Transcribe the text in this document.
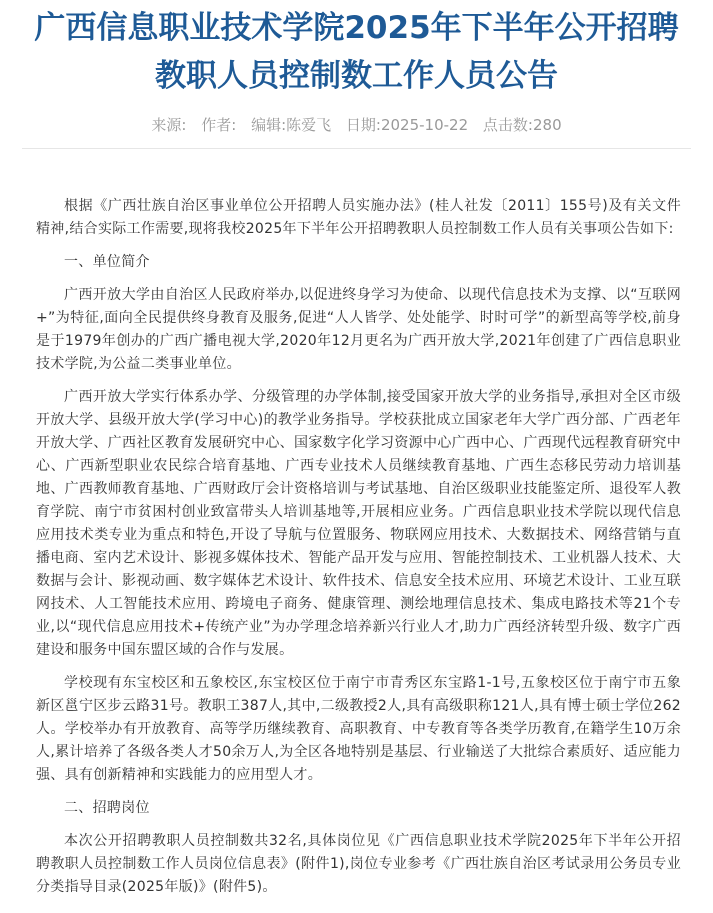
广西信息职业技术学院2025年下半年公开招聘教职人员控制数工作人员公告
来源: 作者: 编辑:陈爱飞 日期:2025-10-22 点击数:280

根据《广西壮族自治区事业单位公开招聘人员实施办法》(桂人社发〔2011〕155号)及有关文件精神,结合实际工作需要,现将我校2025年下半年公开招聘教职人员控制数工作人员有关事项公告如下:

一、单位简介

广西开放大学由自治区人民政府举办,以促进终身学习为使命、以现代信息技术为支撑、以“互联网+”为特征,面向全民提供终身教育及服务,促进“人人皆学、处处能学、时时可学”的新型高等学校,前身是于1979年创办的广西广播电视大学,2020年12月更名为广西开放大学,2021年创建了广西信息职业技术学院,为公益二类事业单位。

广西开放大学实行体系办学、分级管理的办学体制,接受国家开放大学的业务指导,承担对全区市级开放大学、县级开放大学(学习中心)的教学业务指导。学校获批成立国家老年大学广西分部、广西老年开放大学、广西社区教育发展研究中心、国家数字化学习资源中心广西中心、广西现代远程教育研究中心、广西新型职业农民综合培育基地、广西专业技术人员继续教育基地、广西生态移民劳动力培训基地、广西教师教育基地、广西财政厅会计资格培训与考试基地、自治区级职业技能鉴定所、退役军人教育学院、南宁市贫困村创业致富带头人培训基地等,开展相应业务。广西信息职业技术学院以现代信息应用技术类专业为重点和特色,开设了导航与位置服务、物联网应用技术、大数据技术、网络营销与直播电商、室内艺术设计、影视多媒体技术、智能产品开发与应用、智能控制技术、工业机器人技术、大数据与会计、影视动画、数字媒体艺术设计、软件技术、信息安全技术应用、环境艺术设计、工业互联网技术、人工智能技术应用、跨境电子商务、健康管理、测绘地理信息技术、集成电路技术等21个专业,以“现代信息应用技术+传统产业”为办学理念培养新兴行业人才,助力广西经济转型升级、数字广西建设和服务中国东盟区域的合作与发展。

学校现有东宝校区和五象校区,东宝校区位于南宁市青秀区东宝路1-1号,五象校区位于南宁市五象新区邕宁区步云路31号。教职工387人,其中,二级教授2人,具有高级职称121人,具有博士硕士学位262人。学校举办有开放教育、高等学历继续教育、高职教育、中专教育等各类学历教育,在籍学生10万余人,累计培养了各级各类人才50余万人,为全区各地特别是基层、行业输送了大批综合素质好、适应能力强、具有创新精神和实践能力的应用型人才。

二、招聘岗位

本次公开招聘教职人员控制数共32名,具体岗位见《广西信息职业技术学院2025年下半年公开招聘教职人员控制数工作人员岗位信息表》(附件1),岗位专业参考《广西壮族自治区考试录用公务员专业分类指导目录(2025年版)》(附件5)。
